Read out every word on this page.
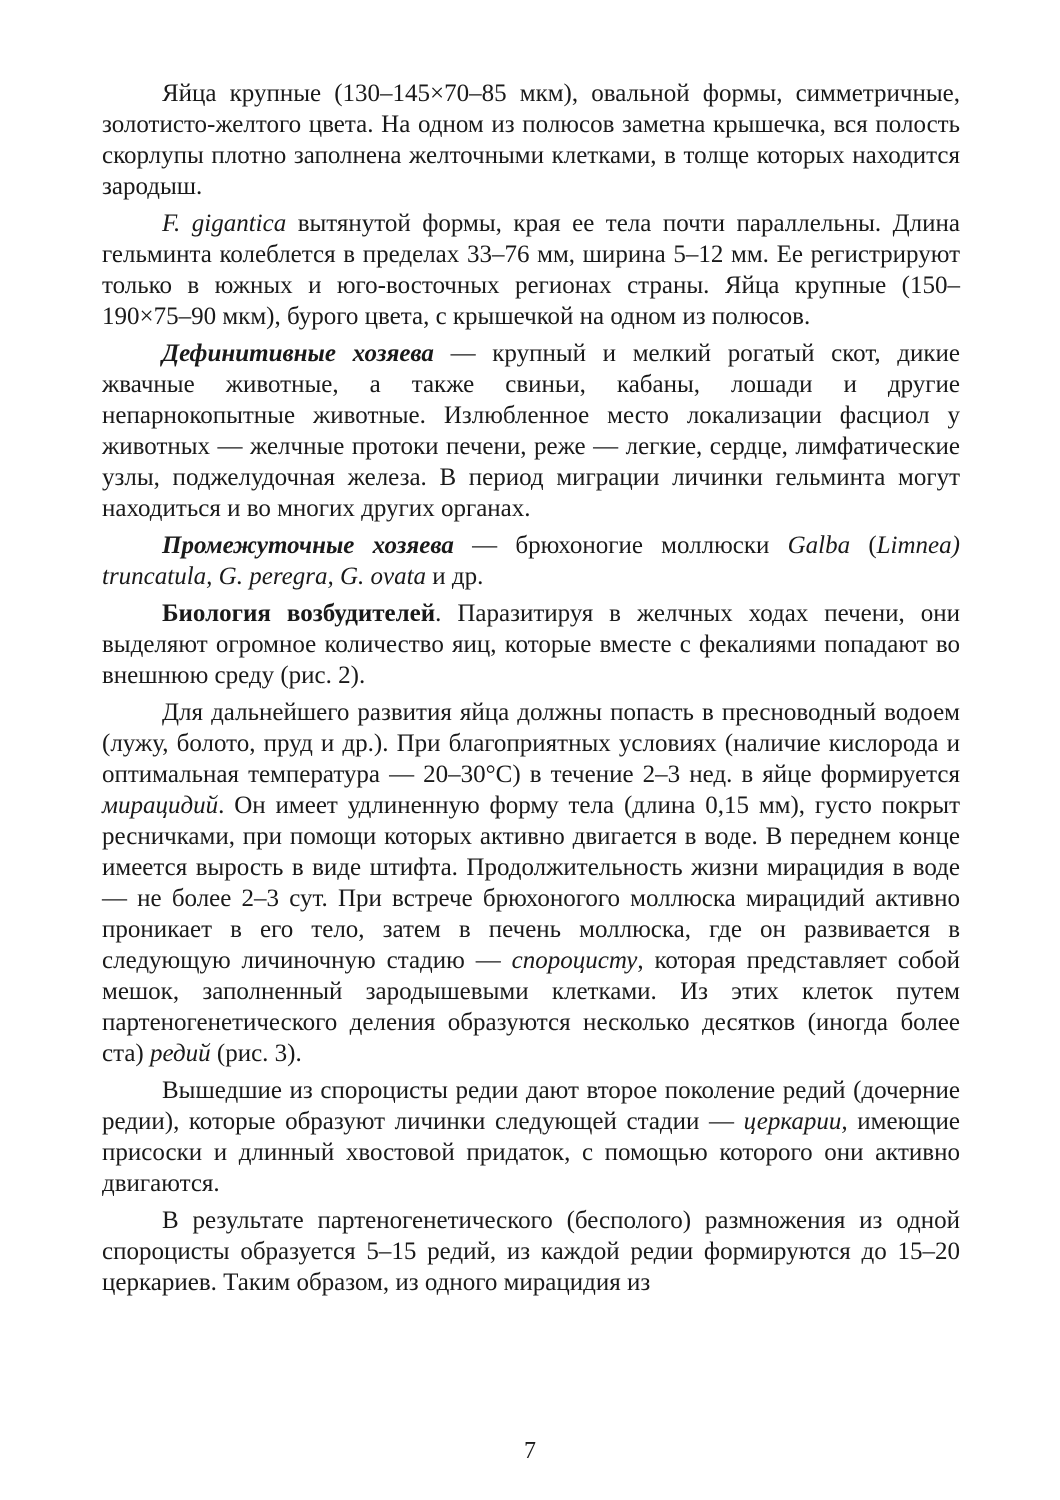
Яйца крупные (130–145×70–85 мкм), овальной формы, симметричные, золотисто-желтого цвета. На одном из полюсов заметна крышечка, вся полость скорлупы плотно заполнена желточными клетками, в толще которых находится зародыш.

F. gigantica вытянутой формы, края ее тела почти параллельны. Длина гельминта колеблется в пределах 33–76 мм, ширина 5–12 мм. Ее регистрируют только в южных и юго-восточных регионах страны. Яйца крупные (150–190×75–90 мкм), бурого цвета, с крышечкой на одном из полюсов.

Дефинитивные хозяева — крупный и мелкий рогатый скот, дикие жвачные животные, а также свиньи, кабаны, лошади и другие непарнокопытные животные. Излюбленное место локализации фасциол у животных — желчные протоки печени, реже — легкие, сердце, лимфатические узлы, поджелудочная железа. В период миграции личинки гельминта могут находиться и во многих других органах.

Промежуточные хозяева — брюхоногие моллюски Galba (Limnea) truncatula, G. peregra, G. ovata и др.

Биология возбудителей. Паразитируя в желчных ходах печени, они выделяют огромное количество яиц, которые вместе с фекалиями попадают во внешнюю среду (рис. 2).

Для дальнейшего развития яйца должны попасть в пресноводный водоем (лужу, болото, пруд и др.). При благоприятных условиях (наличие кислорода и оптимальная температура — 20–30°С) в течение 2–3 нед. в яйце формируется мирацидий. Он имеет удлиненную форму тела (длина 0,15 мм), густо покрыт ресничками, при помощи которых активно двигается в воде. В переднем конце имеется вырость в виде штифта. Продолжительность жизни мирацидия в воде — не более 2–3 сут. При встрече брюхоногого моллюска мирацидий активно проникает в его тело, затем в печень моллюска, где он развивается в следующую личиночную стадию — спороцисту, которая представляет собой мешок, заполненный зародышевыми клетками. Из этих клеток путем партеногенетического деления образуются несколько десятков (иногда более ста) редий (рис. 3).

Вышедшие из спороцисты редии дают второе поколение редий (дочерние редии), которые образуют личинки следующей стадии — церкарии, имеющие присоски и длинный хвостовой придаток, с помощью которого они активно двигаются.

В результате партеногенетического (бесполого) размножения из одной спороцисты образуется 5–15 редий, из каждой редии формируются до 15–20 церкариев. Таким образом, из одного мирацидия из

7
